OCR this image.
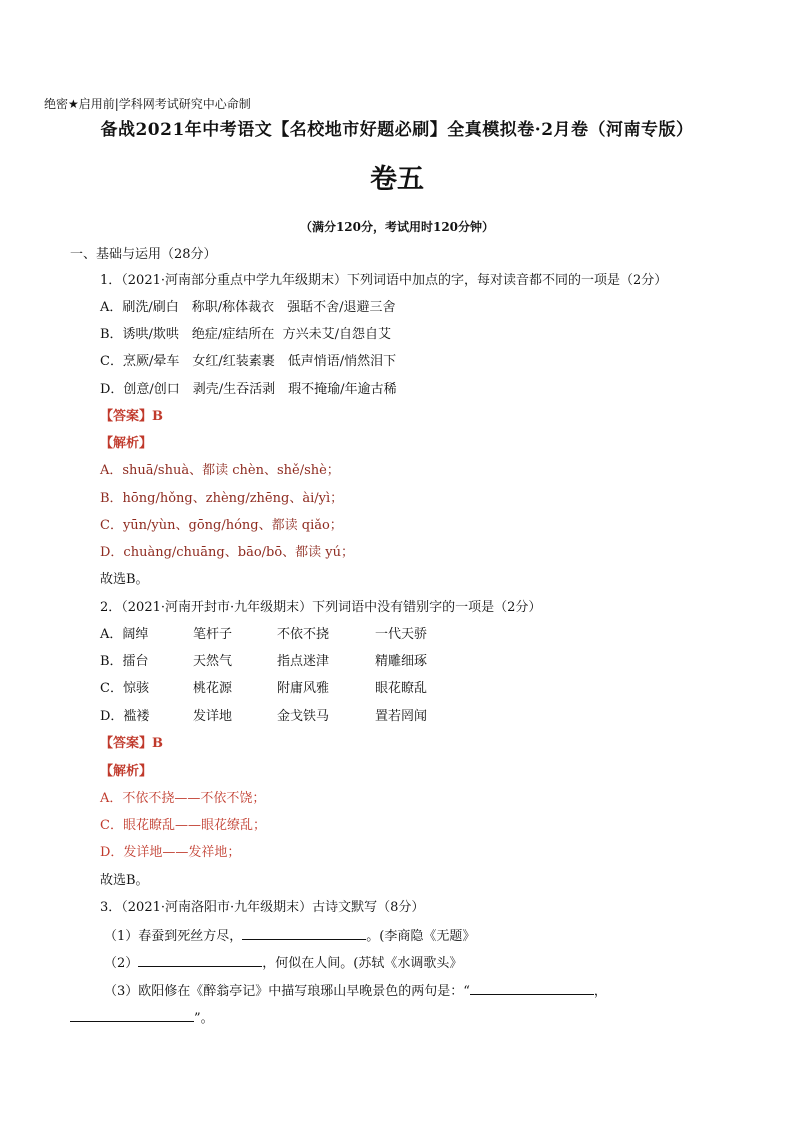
绝密★启用前|学科网考试研究中心命制
备战2021年中考语文【名校地市好题必刷】全真模拟卷·2月卷（河南专版）
卷五
（满分120分，考试用时120分钟）
一、基础与运用（28分）
1．（2021·河南部分重点中学九年级期末）下列词语中加点的字，每对读音都不同的一项是（2分）
A．刷洗/刷白　称职/称体裁衣　强聒不舍/退避三舍
B．诱哄/欺哄　绝症/症结所在  方兴未艾/自怨自艾
C．烹厥/晕车　女红/红装素裹　低声悄语/悄然泪下
D．创意/创口　剥壳/生吞活剥　瑕不掩瑜/年逾古稀
【答案】B
【解析】
A．shuā/shuà、都读 chèn、shě/shè；
B．hōng/hǒng、zhèng/zhēng、ài/yì；
C．yūn/yùn、gōng/hóng、都读 qiǎo；
D．chuàng/chuāng、bāo/bō、都读 yú；
故选B。
2．（2021·河南开封市·九年级期末）下列词语中没有错别字的一项是（2分）
A．阔绰	笔杆子	不依不挠	一代天骄
B．擂台	天然气	指点迷津	精雕细琢
C．惊骇	桃花源	附庸风雅	眼花瞭乱
D．褴褛	发详地	金戈铁马	置若罔闻
【答案】B
【解析】
A．不依不挠——不依不饶；
C．眼花瞭乱——眼花缭乱；
D．发详地——发祥地；
故选B。
3．（2021·河南洛阳市·九年级期末）古诗文默写（8分）
（1）春蚕到死丝方尽，	。(李商隐《无题》
（2）	，何似在人间。(苏轼《水调歌头》
（3）欧阳修在《醉翁亭记》中描写琅琊山早晚景色的两句是：“	，
”。
